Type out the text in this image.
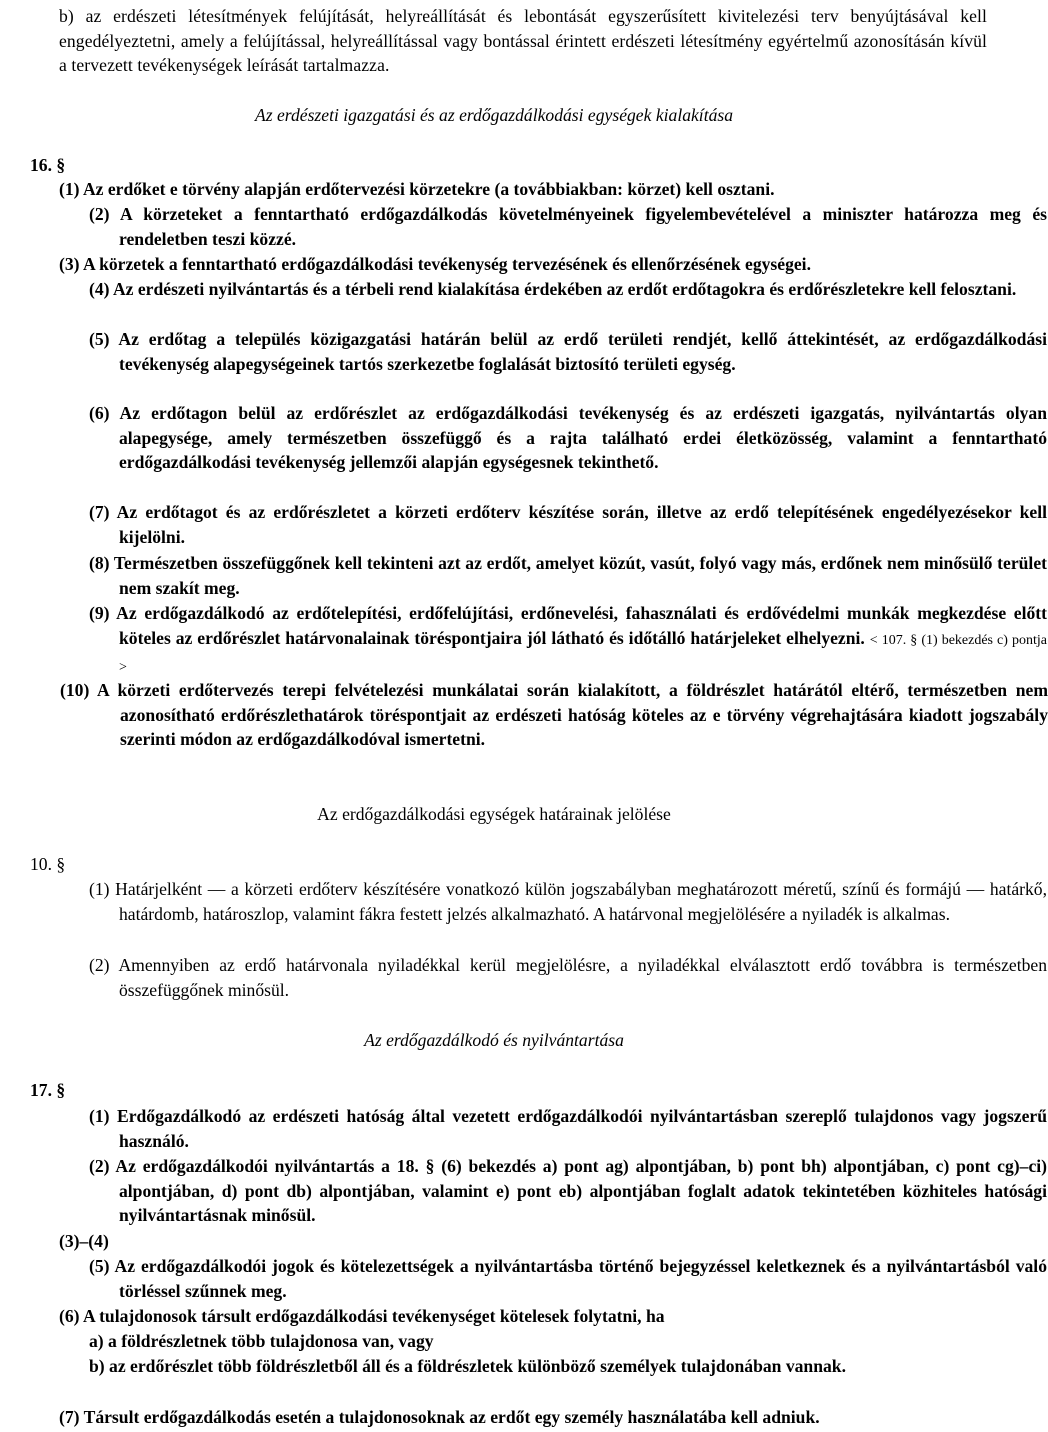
b) az erdészeti létesítmények felújítását, helyreállítását és lebontását egyszerűsített kivitelezési terv benyújtásával kell engedélyeztetni, amely a felújítással, helyreállítással vagy bontással érintett erdészeti létesítmény egyértelmű azonosításán kívül a tervezett tevékenységek leírását tartalmazza.

Az erdészeti igazgatási és az erdőgazdálkodási egységek kialakítása

16. §

(1) Az erdőket e törvény alapján erdőtervezési körzetekre (a továbbiakban: körzet) kell osztani.

(2) A körzeteket a fenntartható erdőgazdálkodás követelményeinek figyelembevételével a miniszter határozza meg és rendeletben teszi közzé.

(3) A körzetek a fenntartható erdőgazdálkodási tevékenység tervezésének és ellenőrzésének egységei.

(4) Az erdészeti nyilvántartás és a térbeli rend kialakítása érdekében az erdőt erdőtagokra és erdőrészletekre kell felosztani.

(5) Az erdőtag a település közigazgatási határán belül az erdő területi rendjét, kellő áttekintését, az erdőgazdálkodási tevékenység alapegységeinek tartós szerkezetbe foglalását biztosító területi egység.

(6) Az erdőtagon belül az erdőrészlet az erdőgazdálkodási tevékenység és az erdészeti igazgatás, nyilvántartás olyan alapegysége, amely természetben összefüggő és a rajta található erdei életközösség, valamint a fenntartható erdőgazdálkodási tevékenység jellemzői alapján egységesnek tekinthető.

(7) Az erdőtagot és az erdőrészletet a körzeti erdőterv készítése során, illetve az erdő telepítésének engedélyezésekor kell kijelölni.

(8) Természetben összefüggőnek kell tekinteni azt az erdőt, amelyet közút, vasút, folyó vagy más, erdőnek nem minősülő terület nem szakít meg.

(9) Az erdőgazdálkodó az erdőtelepítési, erdőfelújítási, erdőnevelési, fahasználati és erdővédelmi munkák megkezdése előtt köteles az erdőrészlet határvonalainak töréspontjaira jól látható és időtálló határjeleket elhelyezni. < 107. § (1) bekezdés c) pontja >

(10) A körzeti erdőtervezés terepi felvételezési munkálatai során kialakított, a földrészlet határától eltérő, természetben nem azonosítható erdőrészlethatárok töréspontjait az erdészeti hatóság köteles az e törvény végrehajtására kiadott jogszabály szerinti módon az erdőgazdálkodóval ismertetni.

Az erdőgazdálkodási egységek határainak jelölése

10. §

(1) Határjelként — a körzeti erdőterv készítésére vonatkozó külön jogszabályban meghatározott méretű, színű és formájú — határkő, határdomb, határoszlop, valamint fákra festett jelzés alkalmazható. A határvonal megjelölésére a nyiladék is alkalmas.

(2) Amennyiben az erdő határvonala nyiladékkal kerül megjelölésre, a nyiladékkal elválasztott erdő továbbra is természetben összefüggőnek minősül.

Az erdőgazdálkodó és nyilvántartása

17. §

(1) Erdőgazdálkodó az erdészeti hatóság által vezetett erdőgazdálkodói nyilvántartásban szereplő tulajdonos vagy jogszerű használó.

(2) Az erdőgazdálkodói nyilvántartás a 18. § (6) bekezdés a) pont ag) alpontjában, b) pont bh) alpontjában, c) pont cg)–ci) alpontjában, d) pont db) alpontjában, valamint e) pont eb) alpontjában foglalt adatok tekintetében közhiteles hatósági nyilvántartásnak minősül.

(3)–(4)

(5) Az erdőgazdálkodói jogok és kötelezettségek a nyilvántartásba történő bejegyzéssel keletkeznek és a nyilvántartásból való törléssel szűnnek meg.

(6) A tulajdonosok társult erdőgazdálkodási tevékenységet kötelesek folytatni, ha

a) a földrészletnek több tulajdonosa van, vagy

b) az erdőrészlet több földrészletből áll és a földrészletek különböző személyek tulajdonában vannak.

(7) Társult erdőgazdálkodás esetén a tulajdonosoknak az erdőt egy személy használatába kell adniuk.
